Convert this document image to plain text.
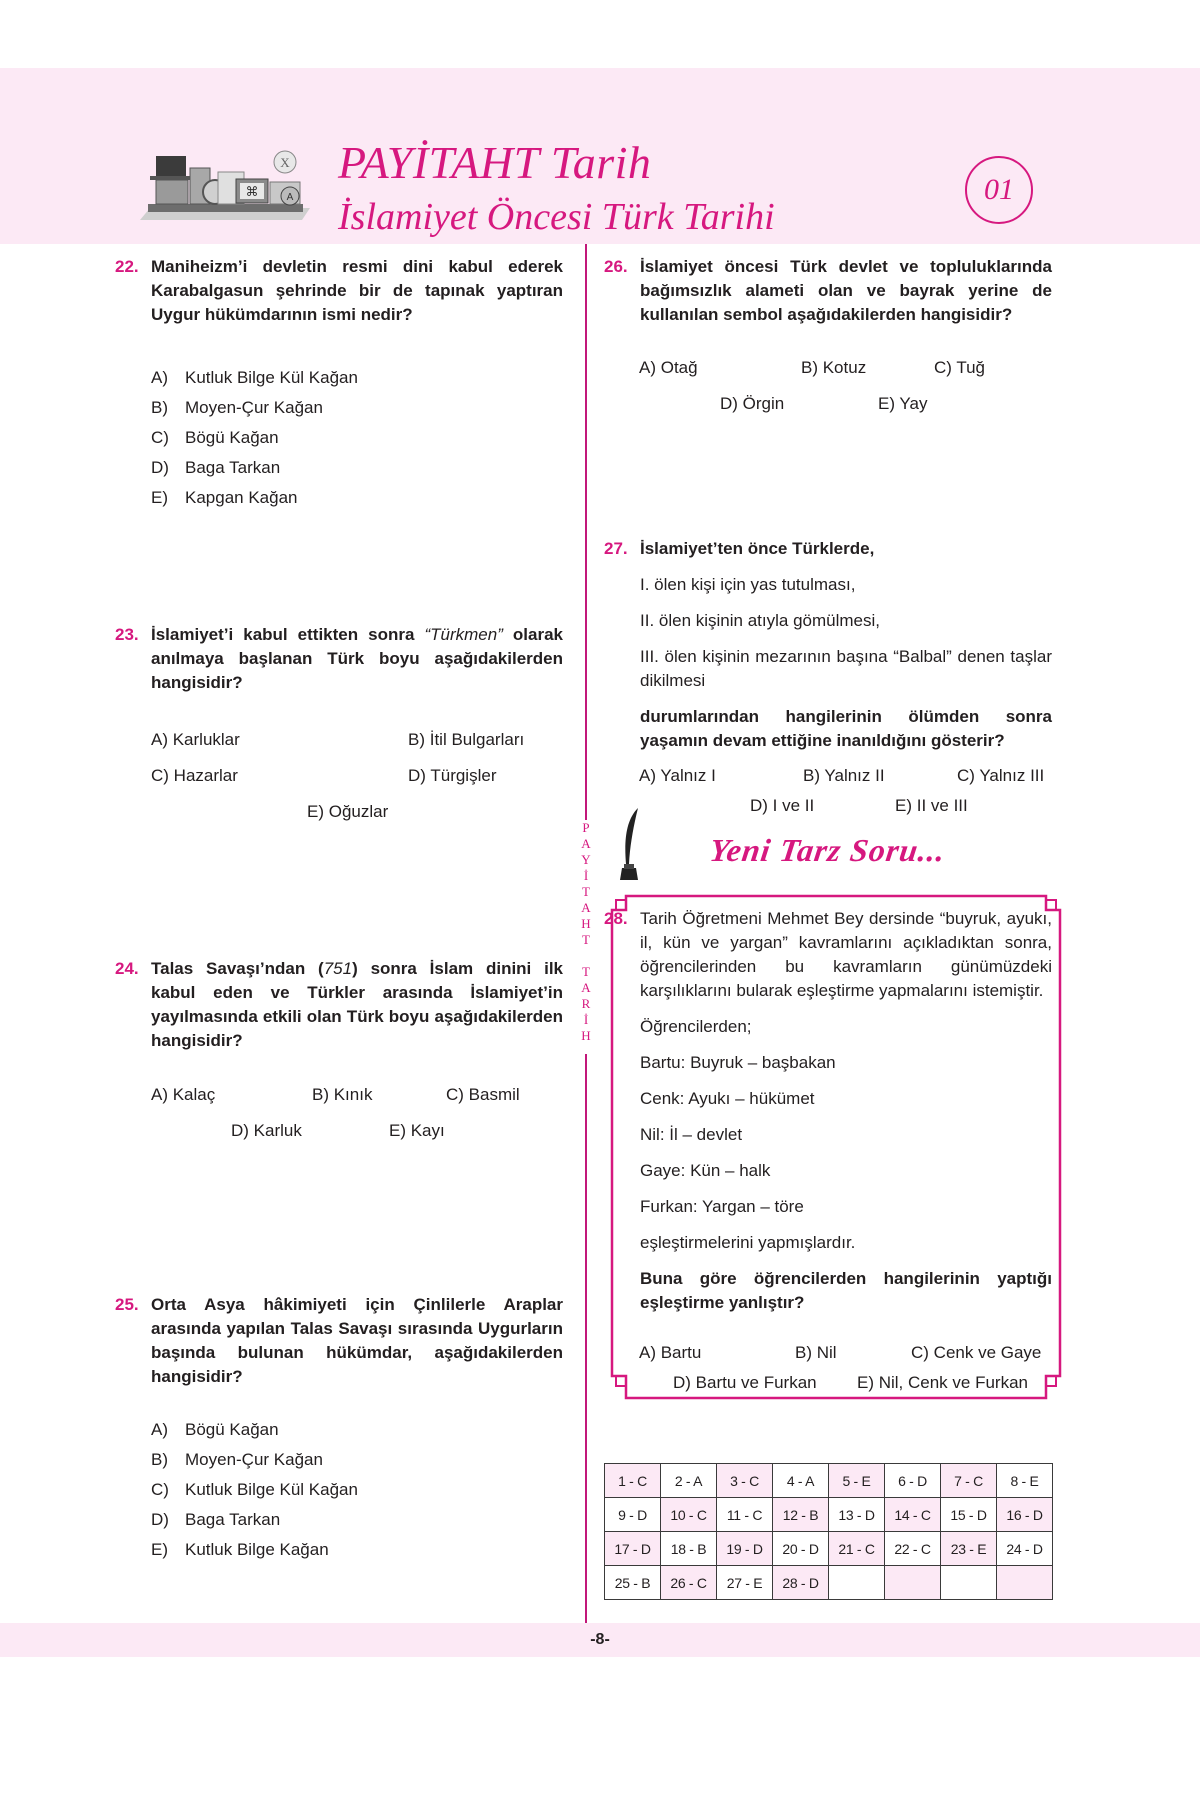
⌘
X
A
PAYİTAHT Tarih
İslamiyet Öncesi Türk Tarihi
01
P
A
Y
İ
T
A
H
T
T
A
R
İ
H
22. Maniheizm’i devletin resmi dini kabul ederek Karabalgasun şehrinde bir de tapınak yaptıran Uygur hükümdarının ismi nedir?
A) Kutluk Bilge Kül Kağan
B) Moyen-Çur Kağan
C) Bögü Kağan
D) Baga Tarkan
E) Kapgan Kağan
23. İslamiyet’i kabul ettikten sonra “Türkmen” olarak anılmaya başlanan Türk boyu aşağıdakilerden hangisidir?
A) Karluklar	B) İtil Bulgarları
C) Hazarlar	D) Türgişler
E) Oğuzlar
24. Talas Savaşı’ndan (751) sonra İslam dinini ilk kabul eden ve Türkler arasında İslamiyet’in yayılmasında etkili olan Türk boyu aşağıdakilerden hangisidir?
A) Kalaç	B) Kınık	C) Basmil
D) Karluk	E) Kayı
25. Orta Asya hâkimiyeti için Çinlilerle Araplar arasında yapılan Talas Savaşı sırasında Uygurların başında bulunan hükümdar, aşağıdakilerden hangisidir?
A) Bögü Kağan
B) Moyen-Çur Kağan
C) Kutluk Bilge Kül Kağan
D) Baga Tarkan
E) Kutluk Bilge Kağan
26. İslamiyet öncesi Türk devlet ve topluluklarında bağımsızlık alameti olan ve bayrak yerine de kullanılan sembol aşağıdakilerden hangisidir?
A) Otağ	B) Kotuz	C) Tuğ
D) Örgin	E) Yay
27. İslamiyet’ten önce Türklerde,
I. ölen kişi için yas tutulması,
II. ölen kişinin atıyla gömülmesi,
III. ölen kişinin mezarının başına “Balbal” denen taşlar dikilmesi
durumlarından hangilerinin ölümden sonra yaşamın devam ettiğine inanıldığını gösterir?
A) Yalnız I	B) Yalnız II	C) Yalnız III
D) I ve II	E) II ve III
Yeni Tarz Soru...
28. Tarih Öğretmeni Mehmet Bey dersinde “buyruk, ayukı, il, kün ve yargan” kavramlarını açıkladıktan sonra, öğrencilerinden bu kavramların günümüzdeki karşılıklarını bularak eşleştirme yapmalarını istemiştir.
Öğrencilerden;
Bartu: Buyruk – başbakan
Cenk: Ayukı – hükümet
Nil: İl – devlet
Gaye: Kün – halk
Furkan: Yargan – töre
eşleştirmelerini yapmışlardır.
Buna göre öğrencilerden hangilerinin yaptığı eşleştirme yanlıştır?
A) Bartu	B) Nil	C) Cenk ve Gaye
D) Bartu ve Furkan E) Nil, Cenk ve Furkan
1 - C	2 - A	3 - C	4 - A	5 - E	6 - D	7 - C	8 - E
9 - D	10 - C	11 - C	12 - B	13 - D	14 - C	15 - D	16 - D
17 - D	18 - B	19 - D	20 - D	21 - C	22 - C	23 - E	24 - D
25 - B	26 - C	27 - E	28 - D				
-8-
